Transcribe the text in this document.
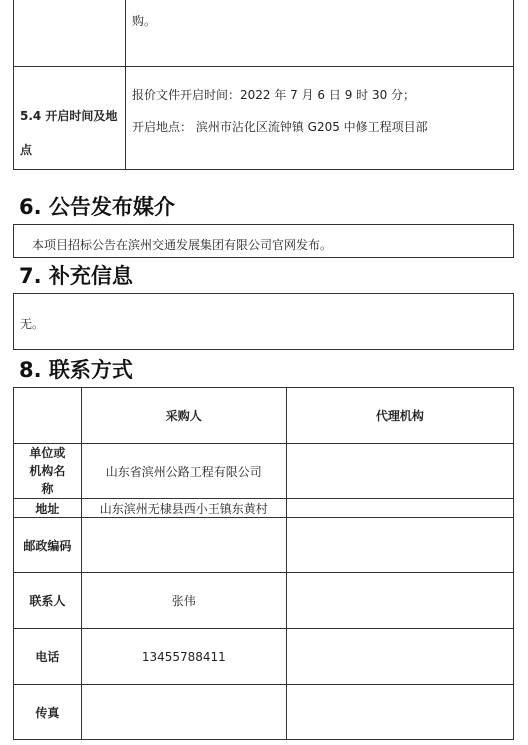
购。
5.4 开启时间及地点
报价文件开启时间：2022 年 7 月 6 日 9 时 30 分；
开启地点： 滨州市沾化区流钟镇 G205 中修工程项目部
6. 公告发布媒介
本项目招标公告在滨州交通发展集团有限公司官网发布。
7. 补充信息
无。
8. 联系方式
	采购人	代理机构
单位或机构名称	山东省滨州公路工程有限公司	
地址	山东滨州无棣县西小王镇东黄村	
邮政编码		
联系人	张伟	
电话	13455788411	
传真		
